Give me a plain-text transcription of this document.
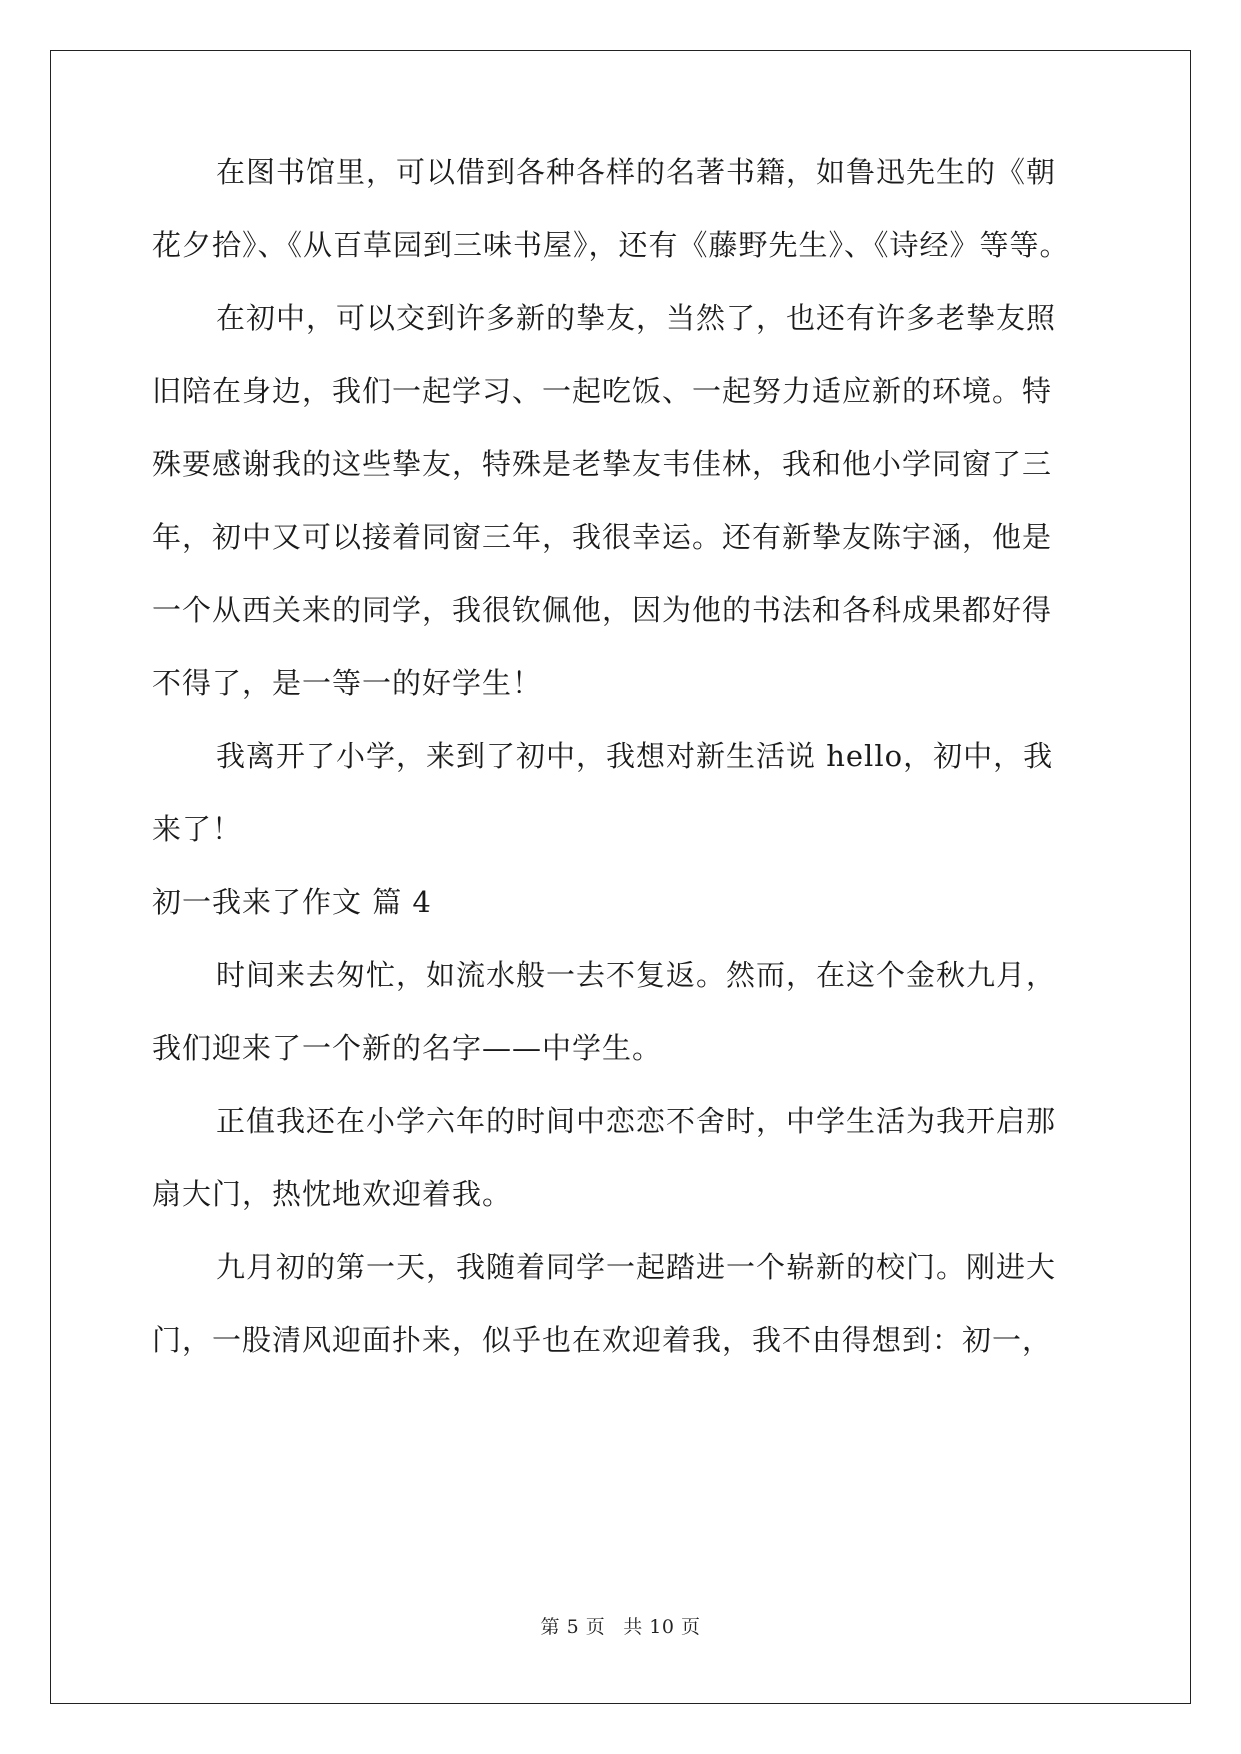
在图书馆里，可以借到各种各样的名著书籍，如鲁迅先生的《朝
花夕拾》、《从百草园到三味书屋》，还有《藤野先生》、《诗经》等等。
在初中，可以交到许多新的挚友，当然了，也还有许多老挚友照
旧陪在身边，我们一起学习、一起吃饭、一起努力适应新的环境。特
殊要感谢我的这些挚友，特殊是老挚友韦佳林，我和他小学同窗了三
年，初中又可以接着同窗三年，我很幸运。还有新挚友陈宇涵，他是
一个从西关来的同学，我很钦佩他，因为他的书法和各科成果都好得
不得了，是一等一的好学生！
我离开了小学，来到了初中，我想对新生活说 hello，初中，我
来了！
初一我来了作文 篇 4
时间来去匆忙，如流水般一去不复返。然而，在这个金秋九月，
我们迎来了一个新的名字——中学生。
正值我还在小学六年的时间中恋恋不舍时，中学生活为我开启那
扇大门，热忱地欢迎着我。
九月初的第一天，我随着同学一起踏进一个崭新的校门。刚进大
门，一股清风迎面扑来，似乎也在欢迎着我，我不由得想到：初一，
第 5 页 共 10 页
